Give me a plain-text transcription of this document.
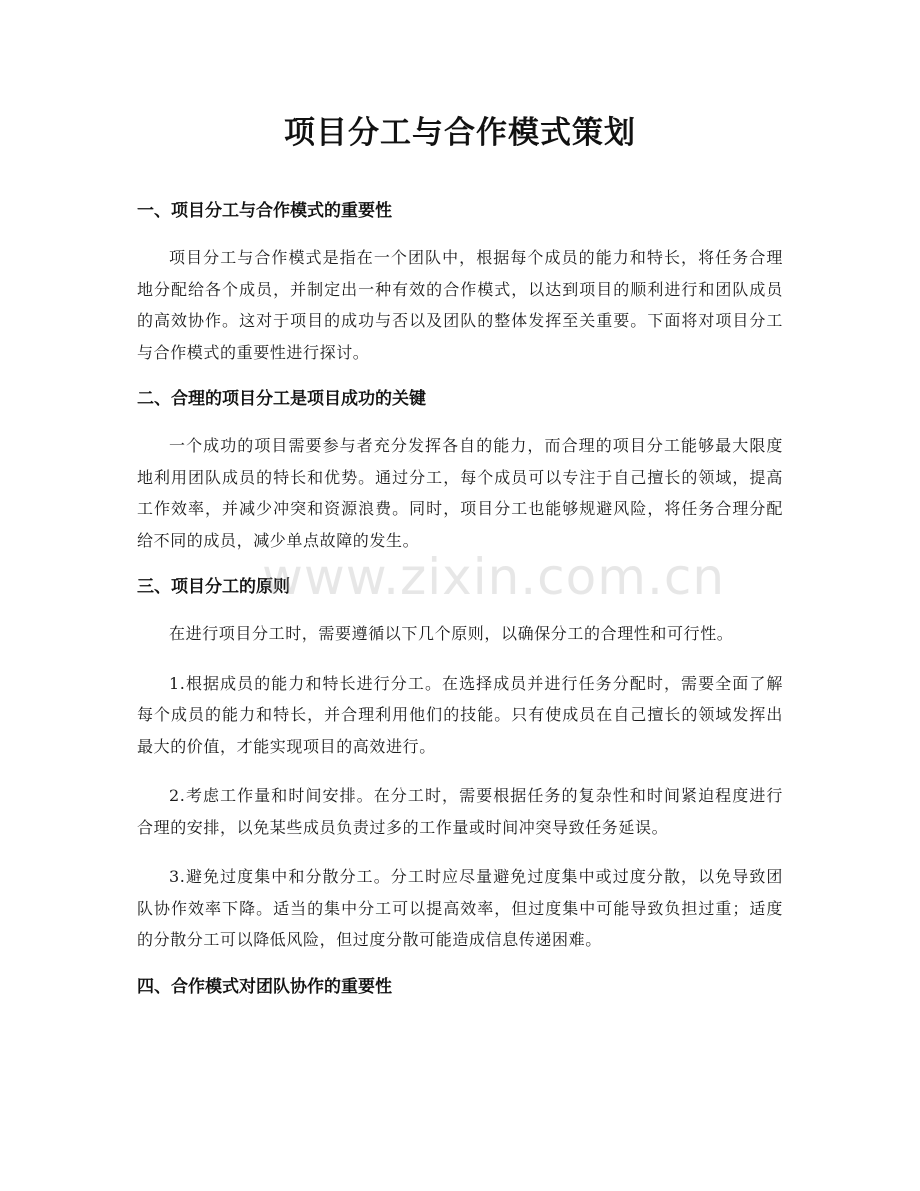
项目分工与合作模式策划
一、项目分工与合作模式的重要性

项目分工与合作模式是指在一个团队中，根据每个成员的能力和特长，将任务合理地分配给各个成员，并制定出一种有效的合作模式，以达到项目的顺利进行和团队成员的高效协作。这对于项目的成功与否以及团队的整体发挥至关重要。下面将对项目分工与合作模式的重要性进行探讨。

二、合理的项目分工是项目成功的关键

一个成功的项目需要参与者充分发挥各自的能力，而合理的项目分工能够最大限度地利用团队成员的特长和优势。通过分工，每个成员可以专注于自己擅长的领域，提高工作效率，并减少冲突和资源浪费。同时，项目分工也能够规避风险，将任务合理分配给不同的成员，减少单点故障的发生。

三、项目分工的原则

在进行项目分工时，需要遵循以下几个原则，以确保分工的合理性和可行性。

1.根据成员的能力和特长进行分工。在选择成员并进行任务分配时，需要全面了解每个成员的能力和特长，并合理利用他们的技能。只有使成员在自己擅长的领域发挥出最大的价值，才能实现项目的高效进行。

2.考虑工作量和时间安排。在分工时，需要根据任务的复杂性和时间紧迫程度进行合理的安排，以免某些成员负责过多的工作量或时间冲突导致任务延误。

3.避免过度集中和分散分工。分工时应尽量避免过度集中或过度分散，以免导致团队协作效率下降。适当的集中分工可以提高效率，但过度集中可能导致负担过重；适度的分散分工可以降低风险，但过度分散可能造成信息传递困难。

四、合作模式对团队协作的重要性
www.zixin.com.cn
